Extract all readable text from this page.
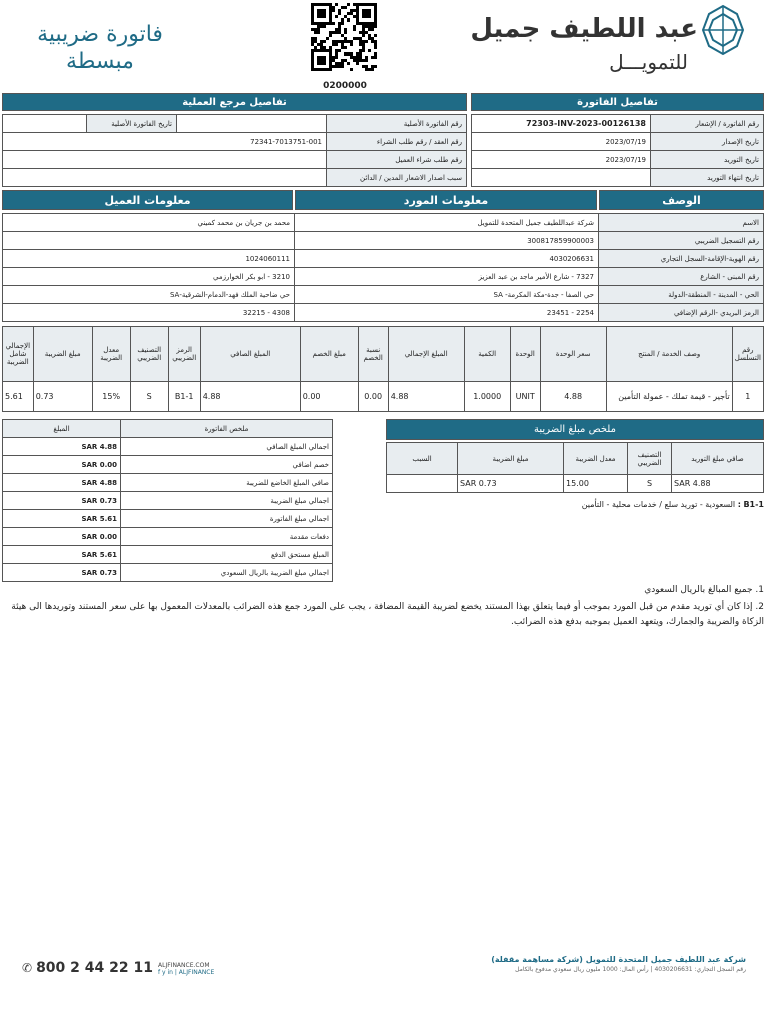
عبد اللطيف جميل
للتمويـــل
فاتورة ضريبية
مبسطة
0200000
تفاصيل الفاتورة
تفاصيل مرجع العملية
رقم الفاتورة / الإشعار	72303-INV-2023-00126138
تاريخ الإصدار	2023/07/19
تاريخ التوريد	2023/07/19
تاريخ انتهاء التوريد	
رقم الفاتورة الأصلية		تاريخ الفاتورة الأصلية	
رقم العقد / رقم طلب الشراء	72341-7013751-001		
رقم طلب شراء العميل			
سبب اصدار الاشعار المدين / الدائن			
الوصف
معلومات المورد
معلومات العميل
الاسم	شركة عبداللطيف جميل المتحدة للتمويل	محمد بن جريان بن محمد كميني
رقم التسجيل الضريبي	300817859900003	
رقم الهوية-الإقامة-السجل التجاري	4030206631	1024060111
رقم المبنى - الشارع	7327 - شارع الأمير ماجد بن عبد العزيز	3210 - ابو بكر الخوارزمي
الحي - المدينة - المنطقة-الدولة	حي الصفا - جدة-مكة المكرمة- SA	حي ضاحية الملك فهد-الدمام-الشرقية-SA
الرمز البريدي -الرقم الإضافي	2254 - 23451	4308 - 32215
رقم التسلسل	وصف الخدمة / المنتج	سعر الوحدة	الوحدة	الكمية	المبلغ الإجمالي	نسبة الخصم	مبلغ الخصم	المبلغ الصافي	الرمز الضريبي	التصنيف الضريبي	معدل الضريبة	مبلغ الضريبة	الإجمالي شامل الضريبة
1	تأجير - قيمة تملك - عمولة التأمين	4.88	UNIT	1.0000	4.88	0.00	0.00	4.88	B1-1	S	15%	0.73	5.61
المبلغ	ملخص الفاتورة
SAR 4.88	اجمالي المبلغ الصافي
SAR 0.00	خصم اضافي
SAR 4.88	صافي المبلغ الخاضع للضريبة
SAR 0.73	اجمالي مبلغ الضريبة
SAR 5.61	اجمالي مبلغ الفاتورة
SAR 0.00	دفعات مقدمة
SAR 5.61	المبلغ مستحق الدفع
SAR 0.73	اجمالي مبلغ الضريبة بالريال السعودي
ملخص مبلغ الضريبة
صافي مبلغ التوريد	التصنيف الضريبي	معدل الضريبة	مبلغ الضريبة	السبب
SAR 4.88	S	15.00	SAR 0.73	
B1-1 : السعودية - توريد سلع / خدمات محلية - التأمين
1. جميع المبالغ بالريال السعودي
2. إذا كان أي توريد مقدم من قبل المورد بموجب أو فيما يتعلق بهذا المستند يخضع لضريبة القيمة المضافة ، يجب على المورد جمع هذه الضرائب بالمعدلات المعمول بها على سعر المستند وتوريدها الى هيئة الزكاة والضريبة والجمارك، ويتعهد العميل بموجبه بدفع هذه الضرائب.
شركة عبد اللطيف جميل المتحدة للتمويل (شركة مساهمة مقفلة)
رقم السجل التجاري: 4030206631 | رأس المال: 1000 مليون ريال سعودي مدفوع بالكامل
ALJFINANCE.COM
f y in | ALJFINANCE
✆ 800 2 44 22 11
